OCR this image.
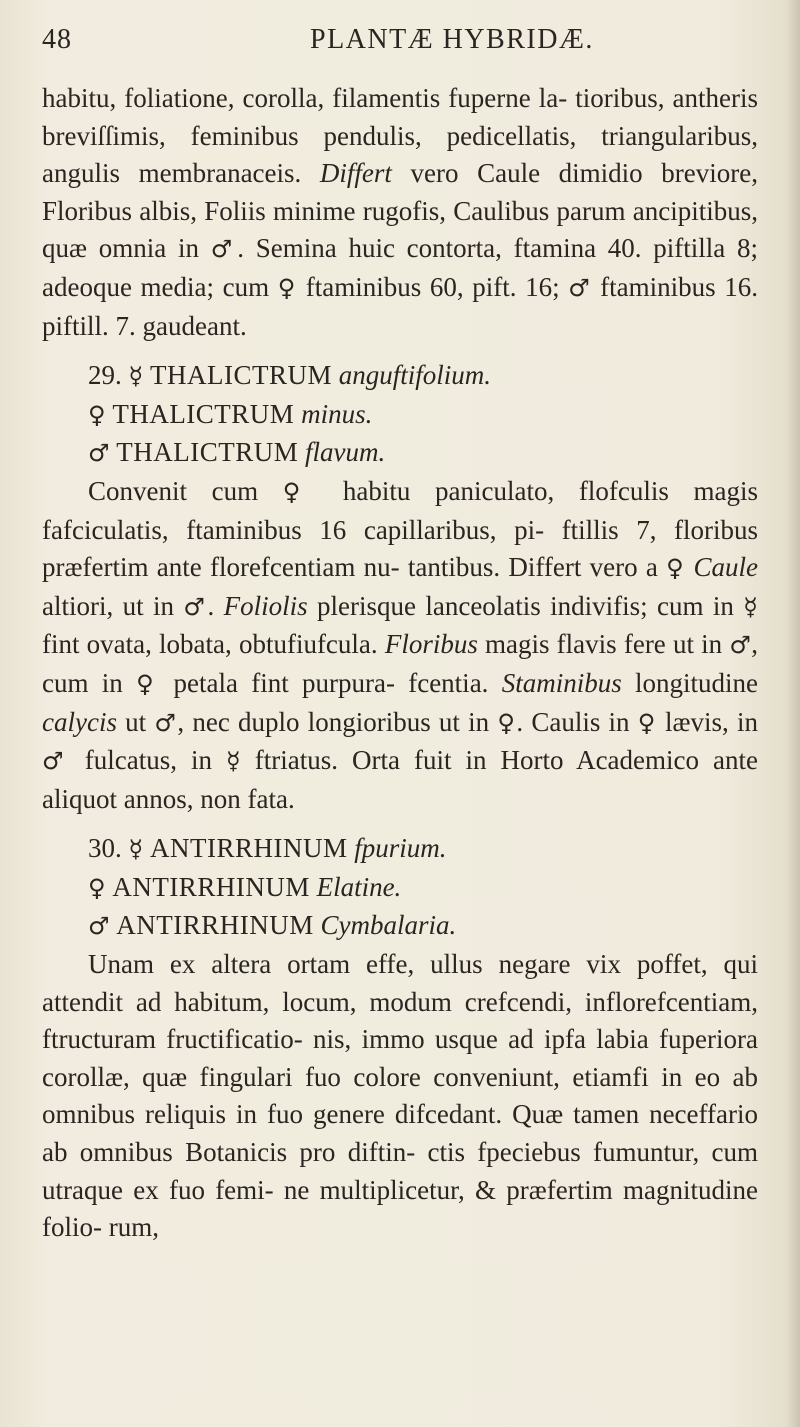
48	PLANTÆ HYBRIDÆ.

habitu, foliatione, corolla, filamentis fuperne la- tioribus, antheris breviſſimis, feminibus pendulis, pedicellatis, triangularibus, angulis membranaceis. Differt vero Caule dimidio breviore, Floribus albis, Foliis minime rugofis, Caulibus parum ancipitibus, quæ omnia in ♂. Semina huic contorta, ftamina 40. piftilla 8; adeoque media; cum ♀ ftaminibus 60, pift. 16; ♂ ftaminibus 16. piftill. 7. gaudeant.

29. ☿ THALICTRUM anguftifolium.

♀ THALICTRUM minus.

♂ THALICTRUM flavum.

Convenit cum ♀ habitu paniculato, flofculis magis fafciculatis, ftaminibus 16 capillaribus, pi- ftillis 7, floribus præfertim ante florefcentiam nu- tantibus. Differt vero a ♀ Caule altiori, ut in ♂. Foliolis plerisque lanceolatis indivifis; cum in ☿ fint ovata, lobata, obtufiufcula. Floribus magis flavis fere ut in ♂, cum in ♀ petala fint purpura- fcentia. Staminibus longitudine calycis ut ♂, nec duplo longioribus ut in ♀. Caulis in ♀ lævis, in ♂ fulcatus, in ☿ ftriatus. Orta fuit in Horto Academico ante aliquot annos, non fata.

30. ☿ ANTIRRHINUM fpurium.

♀ ANTIRRHINUM Elatine.

♂ ANTIRRHINUM Cymbalaria.

Unam ex altera ortam effe, ullus negare vix poffet, qui attendit ad habitum, locum, modum crefcendi, inflorefcentiam, ftructuram fructificatio- nis, immo usque ad ipfa labia fuperiora corollæ, quæ fingulari fuo colore conveniunt, etiamfi in eo ab omnibus reliquis in fuo genere difcedant. Quæ tamen neceffario ab omnibus Botanicis pro diftin- ctis fpeciebus fumuntur, cum utraque ex fuo femi- ne multiplicetur, & præfertim magnitudine folio- rum,
